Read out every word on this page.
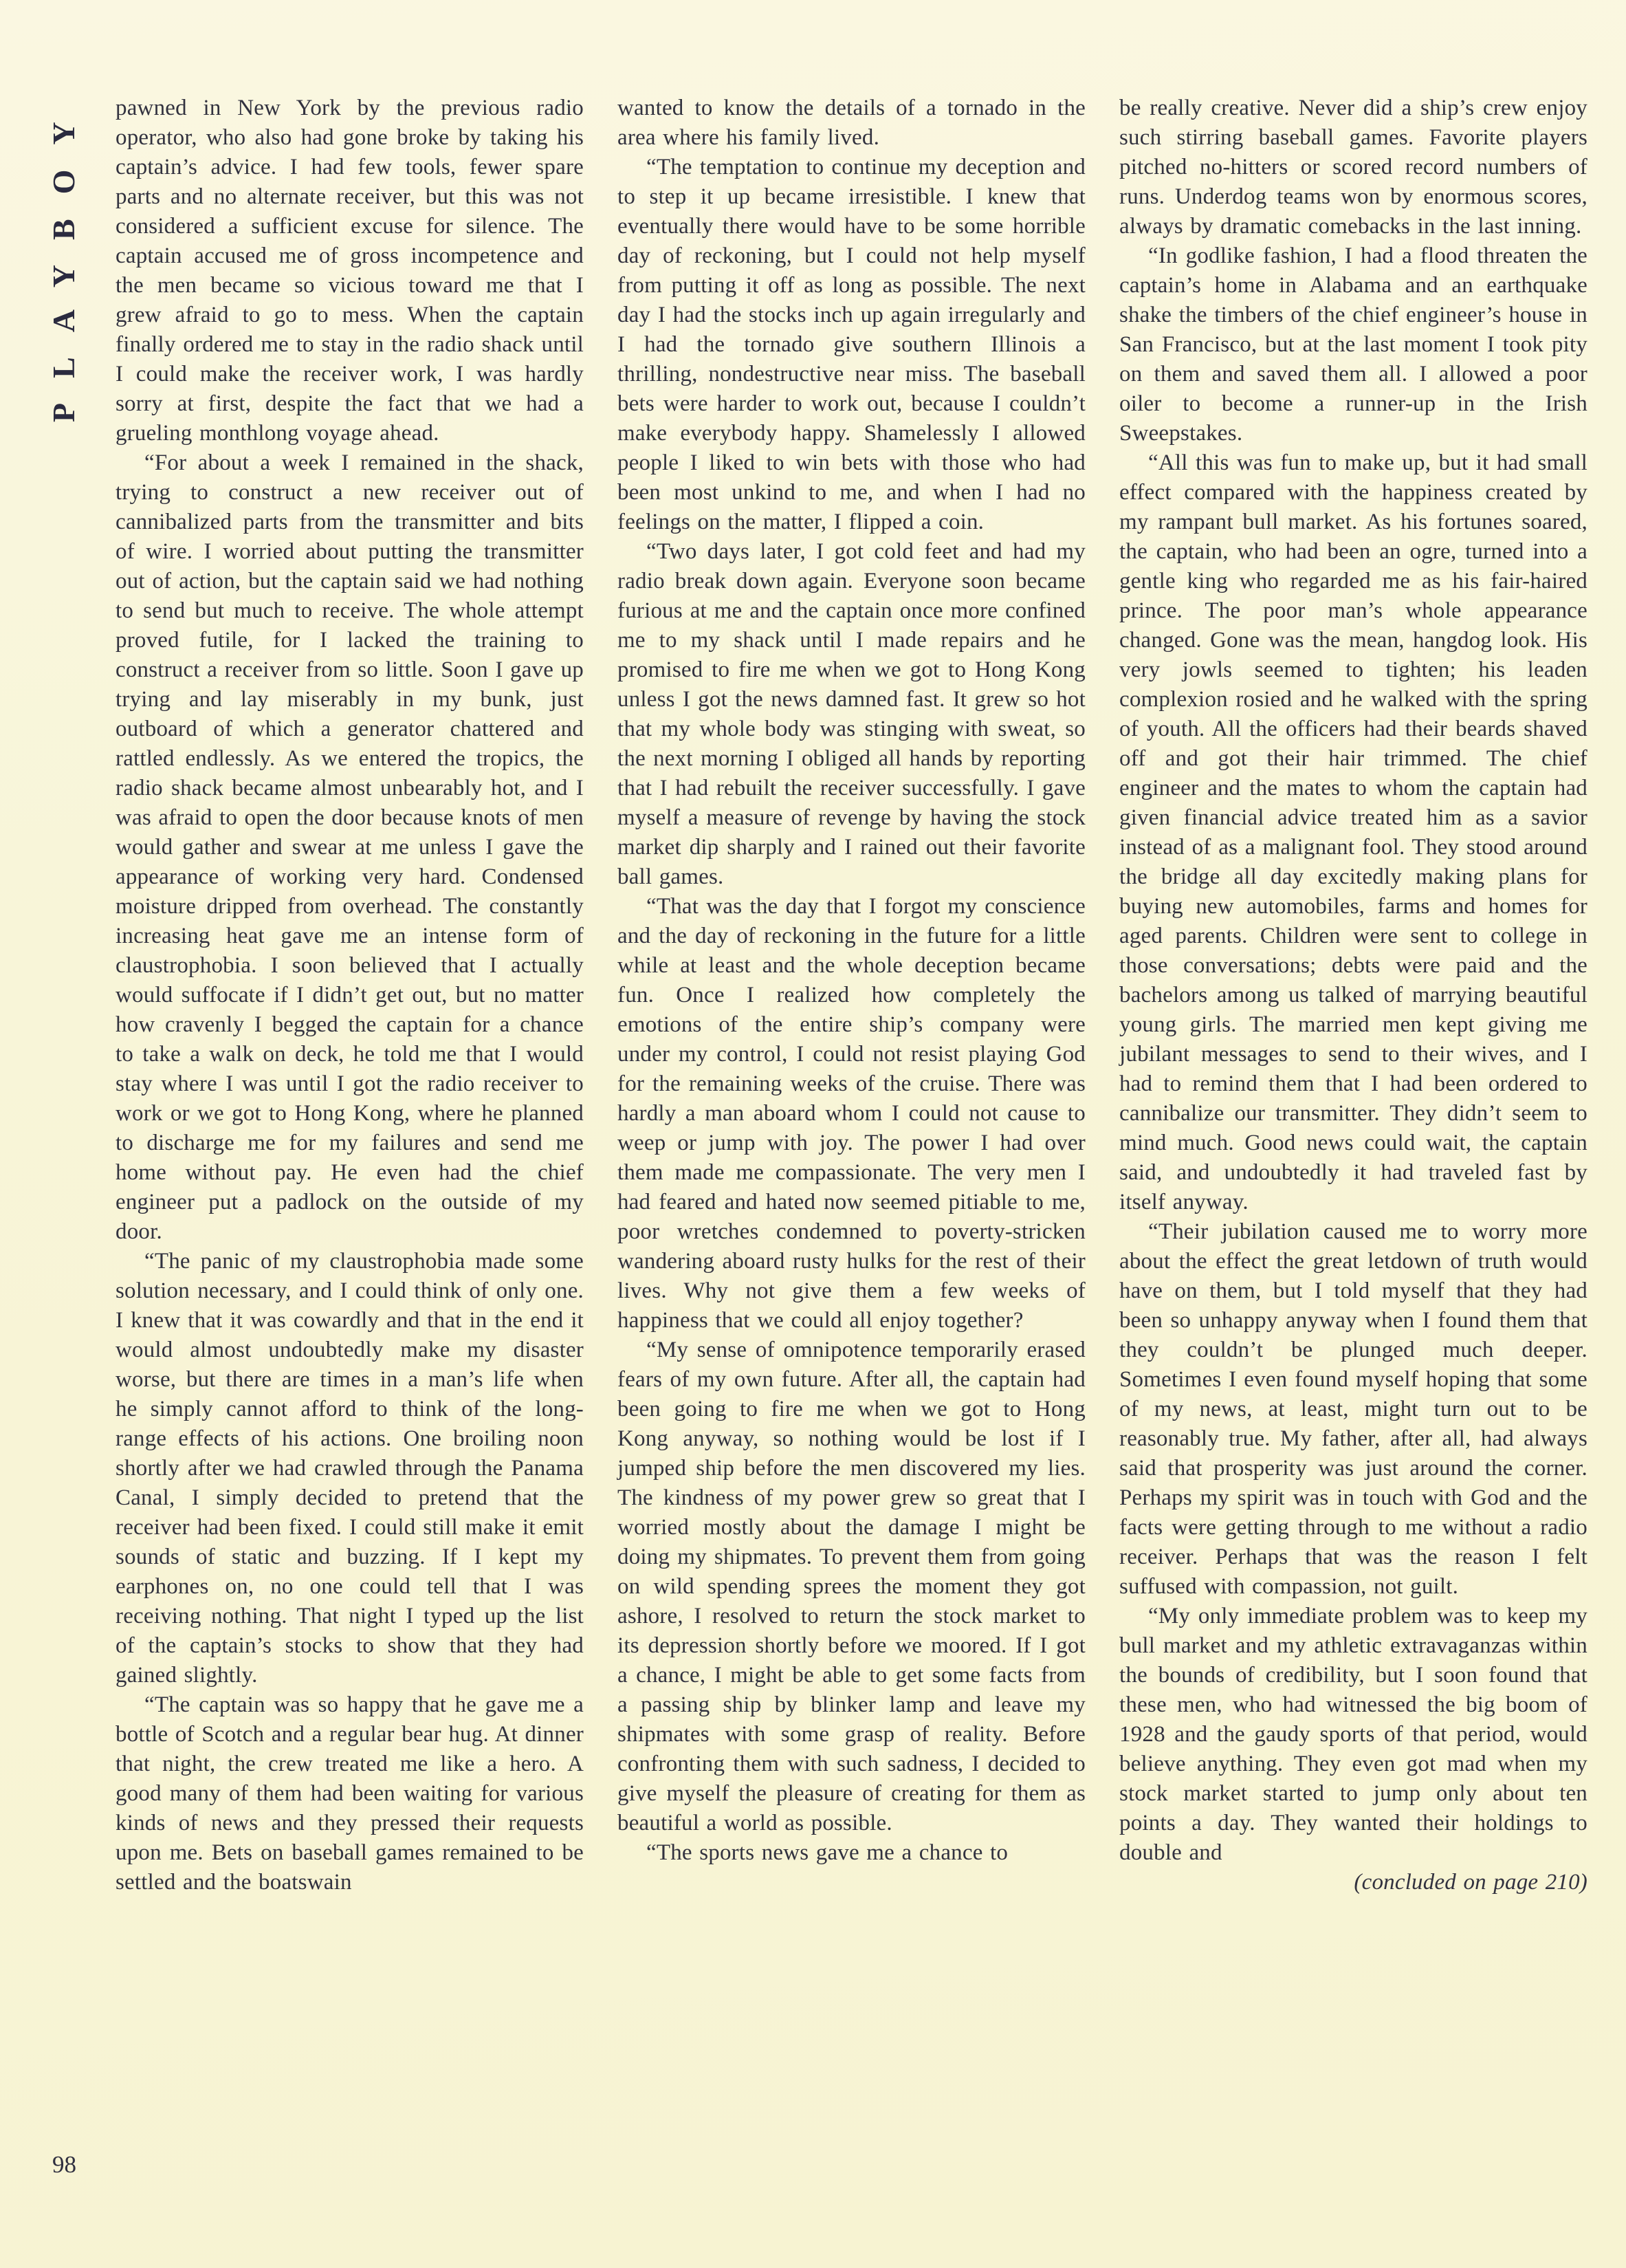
PLAYBOY
98

pawned in New York by the previous radio operator, who also had gone broke by taking his captain’s advice. I had few tools, fewer spare parts and no alternate receiver, but this was not considered a sufficient excuse for silence. The captain accused me of gross incompetence and the men became so vicious toward me that I grew afraid to go to mess. When the captain finally ordered me to stay in the radio shack until I could make the receiver work, I was hardly sorry at first, despite the fact that we had a grueling monthlong voyage ahead.

“For about a week I remained in the shack, trying to construct a new receiver out of cannibalized parts from the transmitter and bits of wire. I worried about putting the transmitter out of action, but the captain said we had nothing to send but much to receive. The whole attempt proved futile, for I lacked the training to construct a receiver from so little. Soon I gave up trying and lay miserably in my bunk, just outboard of which a generator chattered and rattled endlessly. As we entered the tropics, the radio shack became almost unbearably hot, and I was afraid to open the door because knots of men would gather and swear at me unless I gave the appearance of working very hard. Condensed moisture dripped from overhead. The constantly increasing heat gave me an intense form of claustrophobia. I soon believed that I actually would suffocate if I didn’t get out, but no matter how cravenly I begged the captain for a chance to take a walk on deck, he told me that I would stay where I was until I got the radio receiver to work or we got to Hong Kong, where he planned to discharge me for my failures and send me home without pay. He even had the chief engineer put a padlock on the outside of my door.

“The panic of my claustrophobia made some solution necessary, and I could think of only one. I knew that it was cowardly and that in the end it would almost undoubtedly make my disaster worse, but there are times in a man’s life when he simply cannot afford to think of the long-range effects of his actions. One broiling noon shortly after we had crawled through the Panama Canal, I simply decided to pretend that the receiver had been fixed. I could still make it emit sounds of static and buzzing. If I kept my earphones on, no one could tell that I was receiving nothing. That night I typed up the list of the captain’s stocks to show that they had gained slightly.

“The captain was so happy that he gave me a bottle of Scotch and a regular bear hug. At dinner that night, the crew treated me like a hero. A good many of them had been waiting for various kinds of news and they pressed their requests upon me. Bets on baseball games remained to be settled and the boatswain

wanted to know the details of a tornado in the area where his family lived.

“The temptation to continue my deception and to step it up became irresistible. I knew that eventually there would have to be some horrible day of reckoning, but I could not help myself from putting it off as long as possible. The next day I had the stocks inch up again irregularly and I had the tornado give southern Illinois a thrilling, nondestructive near miss. The baseball bets were harder to work out, because I couldn’t make everybody happy. Shamelessly I allowed people I liked to win bets with those who had been most unkind to me, and when I had no feelings on the matter, I flipped a coin.

“Two days later, I got cold feet and had my radio break down again. Everyone soon became furious at me and the captain once more confined me to my shack until I made repairs and he promised to fire me when we got to Hong Kong unless I got the news damned fast. It grew so hot that my whole body was stinging with sweat, so the next morning I obliged all hands by reporting that I had rebuilt the receiver successfully. I gave myself a measure of revenge by having the stock market dip sharply and I rained out their favorite ball games.

“That was the day that I forgot my conscience and the day of reckoning in the future for a little while at least and the whole deception became fun. Once I realized how completely the emotions of the entire ship’s company were under my control, I could not resist playing God for the remaining weeks of the cruise. There was hardly a man aboard whom I could not cause to weep or jump with joy. The power I had over them made me compassionate. The very men I had feared and hated now seemed pitiable to me, poor wretches condemned to poverty-stricken wandering aboard rusty hulks for the rest of their lives. Why not give them a few weeks of happiness that we could all enjoy together?

“My sense of omnipotence temporarily erased fears of my own future. After all, the captain had been going to fire me when we got to Hong Kong anyway, so nothing would be lost if I jumped ship before the men discovered my lies. The kindness of my power grew so great that I worried mostly about the damage I might be doing my shipmates. To prevent them from going on wild spending sprees the moment they got ashore, I resolved to return the stock market to its depression shortly before we moored. If I got a chance, I might be able to get some facts from a passing ship by blinker lamp and leave my shipmates with some grasp of reality. Before confronting them with such sadness, I decided to give myself the pleasure of creating for them as beautiful a world as possible.

“The sports news gave me a chance to

be really creative. Never did a ship’s crew enjoy such stirring baseball games. Favorite players pitched no-hitters or scored record numbers of runs. Underdog teams won by enormous scores, always by dramatic comebacks in the last inning.

“In godlike fashion, I had a flood threaten the captain’s home in Alabama and an earthquake shake the timbers of the chief engineer’s house in San Francisco, but at the last moment I took pity on them and saved them all. I allowed a poor oiler to become a runner-up in the Irish Sweepstakes.

“All this was fun to make up, but it had small effect compared with the happiness created by my rampant bull market. As his fortunes soared, the captain, who had been an ogre, turned into a gentle king who regarded me as his fair-haired prince. The poor man’s whole appearance changed. Gone was the mean, hangdog look. His very jowls seemed to tighten; his leaden complexion rosied and he walked with the spring of youth. All the officers had their beards shaved off and got their hair trimmed. The chief engineer and the mates to whom the captain had given financial advice treated him as a savior instead of as a malignant fool. They stood around the bridge all day excitedly making plans for buying new automobiles, farms and homes for aged parents. Children were sent to college in those conversations; debts were paid and the bachelors among us talked of marrying beautiful young girls. The married men kept giving me jubilant messages to send to their wives, and I had to remind them that I had been ordered to cannibalize our transmitter. They didn’t seem to mind much. Good news could wait, the captain said, and undoubtedly it had traveled fast by itself anyway.

“Their jubilation caused me to worry more about the effect the great letdown of truth would have on them, but I told myself that they had been so unhappy anyway when I found them that they couldn’t be plunged much deeper. Sometimes I even found myself hoping that some of my news, at least, might turn out to be reasonably true. My father, after all, had always said that prosperity was just around the corner. Perhaps my spirit was in touch with God and the facts were getting through to me without a radio receiver. Perhaps that was the reason I felt suffused with compassion, not guilt.

“My only immediate problem was to keep my bull market and my athletic extravaganzas within the bounds of credibility, but I soon found that these men, who had witnessed the big boom of 1928 and the gaudy sports of that period, would believe anything. They even got mad when my stock market started to jump only about ten points a day. They wanted their holdings to double and

(concluded on page 210)
